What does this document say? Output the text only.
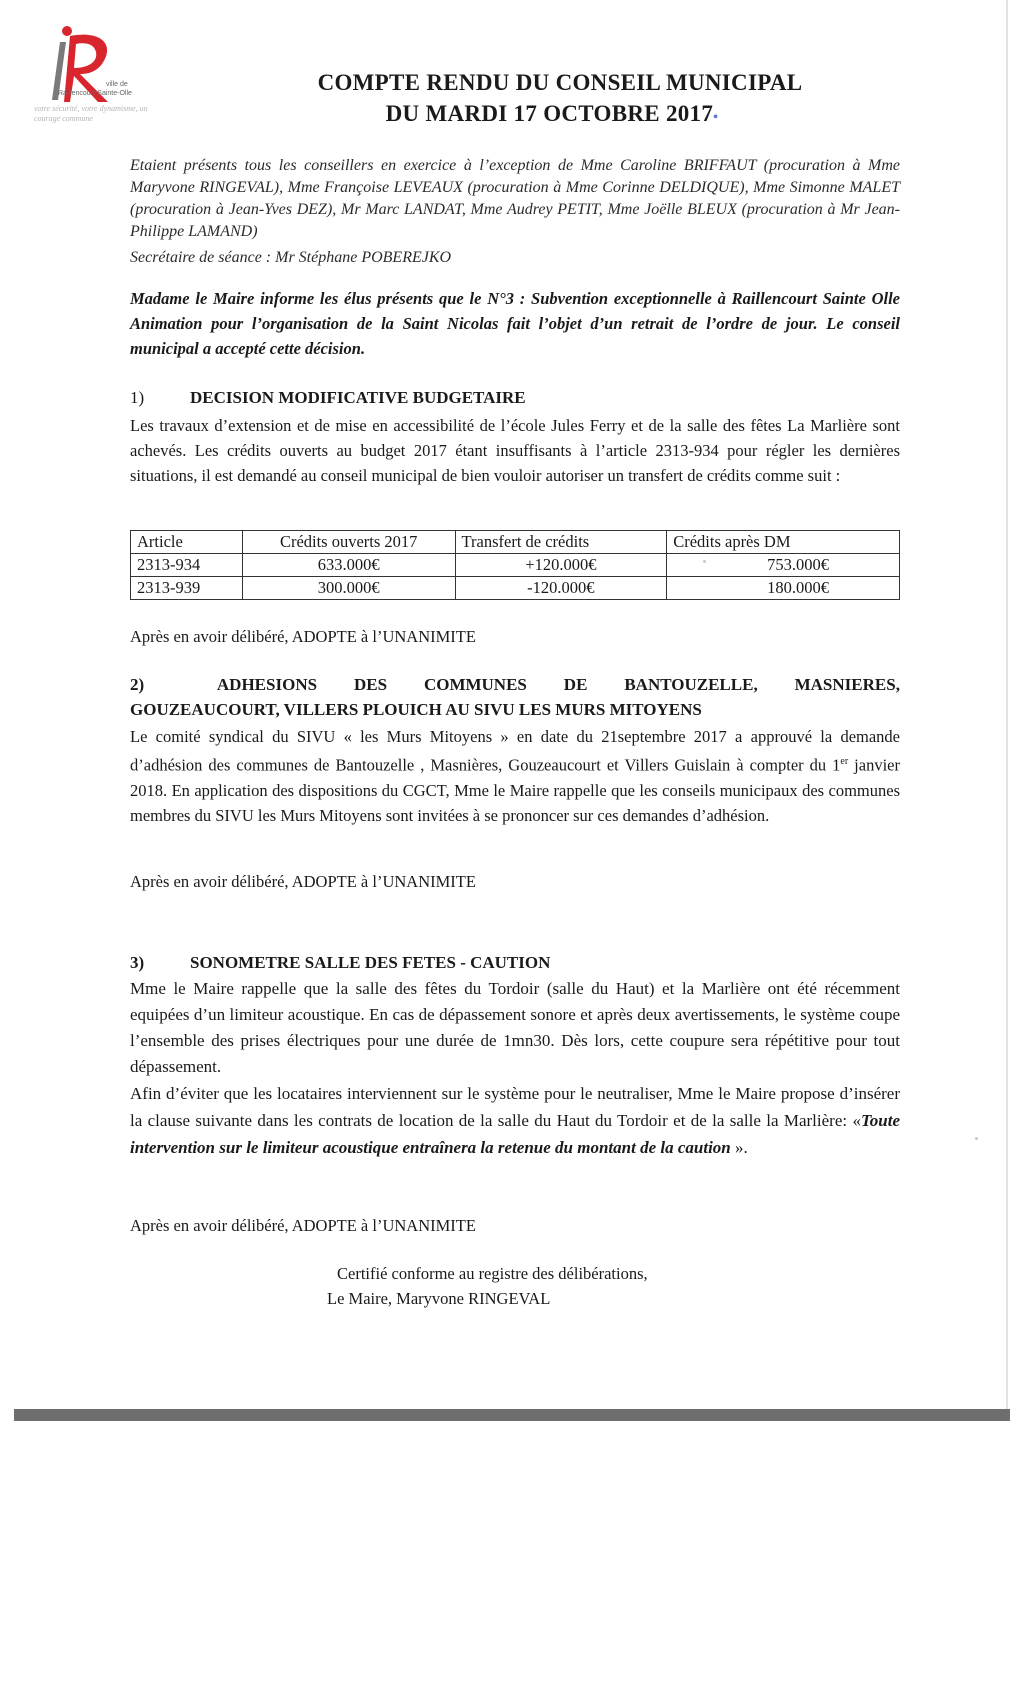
ville de
Raillencourt-Sainte-Olle
votre sécurité, votre dynamisme, un courage commune
COMPTE RENDU DU CONSEIL MUNICIPAL
DU MARDI 17 OCTOBRE 2017•
Etaient présents tous les conseillers en exercice à l’exception de Mme Caroline BRIFFAUT (procuration à Mme Maryvone RINGEVAL), Mme Françoise LEVEAUX (procuration à Mme Corinne DELDIQUE), Mme Simonne MALET (procuration à Jean-Yves DEZ), Mr Marc LANDAT, Mme Audrey PETIT, Mme Joëlle BLEUX (procuration à Mr Jean-Philippe LAMAND)
Secrétaire de séance : Mr Stéphane POBEREJKO
Madame le Maire informe les élus présents que le N°3 : Subvention exceptionnelle à Raillencourt Sainte Olle Animation pour l’organisation de la Saint Nicolas fait l’objet d’un retrait de l’ordre de jour. Le conseil municipal a accepté cette décision.
1)	DECISION MODIFICATIVE BUDGETAIRE
Les travaux d’extension et de mise en accessibilité de l’école Jules Ferry et de la salle des fêtes La Marlière sont achevés. Les crédits ouverts au budget 2017 étant insuffisants à l’article 2313-934 pour régler les dernières situations, il est demandé au conseil municipal de bien vouloir autoriser un transfert de crédits comme suit :
Article	Crédits ouverts 2017	Transfert de crédits	Crédits après DM
2313-934	633.000€	+120.000€	753.000€
2313-939	300.000€	-120.000€	180.000€
Après en avoir délibéré, ADOPTE à l’UNANIMITE
2)	ADHESIONS DES COMMUNES DE BANTOUZELLE, MASNIERES,
GOUZEAUCOURT, VILLERS PLOUICH AU SIVU LES MURS MITOYENS
Le comité syndical du SIVU « les Murs Mitoyens » en date du 21septembre 2017 a approuvé la demande d’adhésion des communes de Bantouzelle , Masnières, Gouzeaucourt et Villers Guislain à compter du 1er janvier 2018. En application des dispositions du CGCT, Mme le Maire rappelle que les conseils municipaux des communes membres du SIVU les Murs Mitoyens sont invitées à se prononcer sur ces demandes d’adhésion.
Après en avoir délibéré, ADOPTE à l’UNANIMITE
3)	SONOMETRE SALLE DES FETES - CAUTION
Mme le Maire rappelle que la salle des fêtes du Tordoir (salle du Haut) et la Marlière ont été récemment equipées d’un limiteur acoustique. En cas de dépassement sonore et après deux avertissements, le système coupe l’ensemble des prises électriques pour une durée de 1mn30. Dès lors, cette coupure sera répétitive pour tout dépassement.
Afin d’éviter que les locataires interviennent sur le système pour le neutraliser, Mme le Maire propose d’insérer la clause suivante dans les contrats de location de la salle du Haut du Tordoir et de la salle la Marlière: «Toute intervention sur le limiteur acoustique entraînera la retenue du montant de la caution ».
Après en avoir délibéré, ADOPTE à l’UNANIMITE
Certifié conforme au registre des délibérations,
Le Maire, Maryvone RINGEVAL
